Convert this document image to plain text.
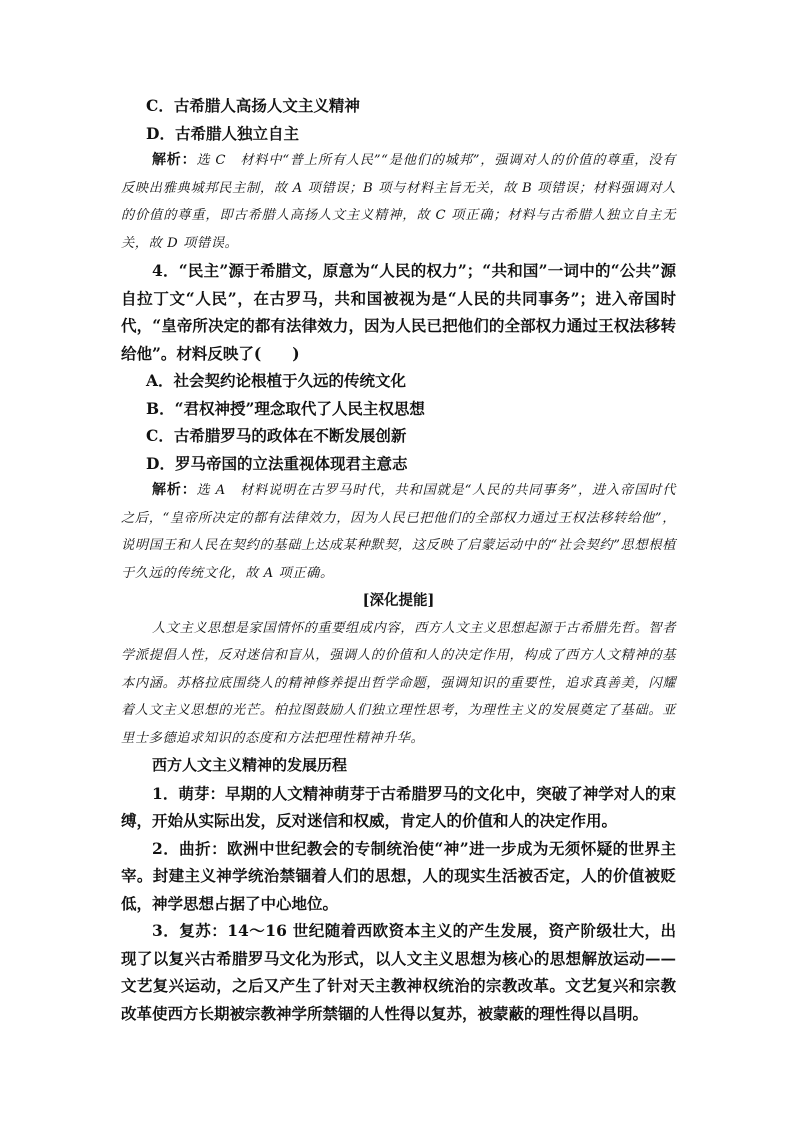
C．古希腊人高扬人文主义精神

D．古希腊人独立自主

解析：选 C　材料中“普上所有人民”“是他们的城邦”，强调对人的价值的尊重，没有反映出雅典城邦民主制，故 A 项错误；B 项与材料主旨无关，故 B 项错误；材料强调对人的价值的尊重，即古希腊人高扬人文主义精神，故 C 项正确；材料与古希腊人独立自主无关，故 D 项错误。

4．“民主”源于希腊文，原意为“人民的权力”；“共和国”一词中的“公共”源自拉丁文“人民”，在古罗马，共和国被视为是“人民的共同事务”；进入帝国时代，“皇帝所决定的都有法律效力，因为人民已把他们的全部权力通过王权法移转给他”。材料反映了(　　)

A．社会契约论根植于久远的传统文化

B．“君权神授”理念取代了人民主权思想

C．古希腊罗马的政体在不断发展创新

D．罗马帝国的立法重视体现君主意志

解析：选 A　材料说明在古罗马时代，共和国就是“人民的共同事务”，进入帝国时代之后，“皇帝所决定的都有法律效力，因为人民已把他们的全部权力通过王权法移转给他”，说明国王和人民在契约的基础上达成某种默契，这反映了启蒙运动中的“社会契约”思想根植于久远的传统文化，故 A 项正确。

[深化提能]

人文主义思想是家国情怀的重要组成内容，西方人文主义思想起源于古希腊先哲。智者学派提倡人性，反对迷信和盲从，强调人的价值和人的决定作用，构成了西方人文精神的基本内涵。苏格拉底围绕人的精神修养提出哲学命题，强调知识的重要性，追求真善美，闪耀着人文主义思想的光芒。柏拉图鼓励人们独立理性思考，为理性主义的发展奠定了基础。亚里士多德追求知识的态度和方法把理性精神升华。

西方人文主义精神的发展历程

1．萌芽：早期的人文精神萌芽于古希腊罗马的文化中，突破了神学对人的束缚，开始从实际出发，反对迷信和权威，肯定人的价值和人的决定作用。

2．曲折：欧洲中世纪教会的专制统治使“神”进一步成为无须怀疑的世界主宰。封建主义神学统治禁锢着人们的思想，人的现实生活被否定，人的价值被贬低，神学思想占据了中心地位。

3．复苏：14～16 世纪随着西欧资本主义的产生发展，资产阶级壮大，出现了以复兴古希腊罗马文化为形式，以人文主义思想为核心的思想解放运动——文艺复兴运动，之后又产生了针对天主教神权统治的宗教改革。文艺复兴和宗教改革使西方长期被宗教神学所禁锢的人性得以复苏，被蒙蔽的理性得以昌明。
